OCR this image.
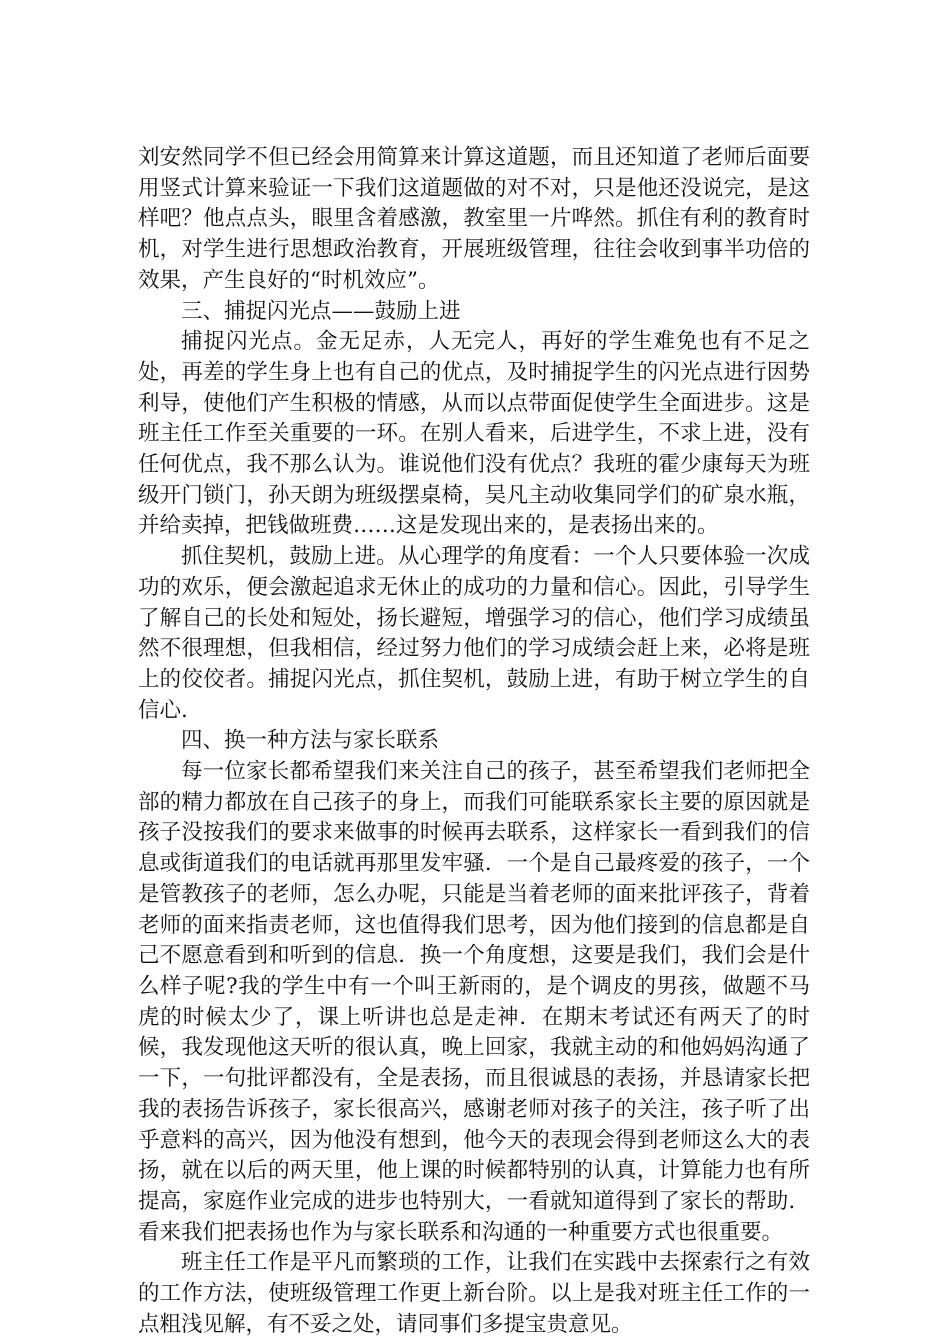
刘安然同学不但已经会用简算来计算这道题，而且还知道了老师后面要用竖式计算来验证一下我们这道题做的对不对，只是他还没说完，是这样吧？他点点头，眼里含着感激，教室里一片哗然。抓住有利的教育时机，对学生进行思想政治教育，开展班级管理，往往会收到事半功倍的效果，产生良好的“时机效应”。

三、捕捉闪光点——鼓励上进

捕捉闪光点。金无足赤，人无完人，再好的学生难免也有不足之处，再差的学生身上也有自己的优点，及时捕捉学生的闪光点进行因势利导，使他们产生积极的情感，从而以点带面促使学生全面进步。这是班主任工作至关重要的一环。在别人看来，后进学生，不求上进，没有任何优点，我不那么认为。谁说他们没有优点？我班的霍少康每天为班级开门锁门，孙天朗为班级摆桌椅，吴凡主动收集同学们的矿泉水瓶，并给卖掉，把钱做班费……这是发现出来的，是表扬出来的。

抓住契机，鼓励上进。从心理学的角度看：一个人只要体验一次成功的欢乐，便会激起追求无休止的成功的力量和信心。因此，引导学生了解自己的长处和短处，扬长避短，增强学习的信心，他们学习成绩虽然不很理想，但我相信，经过努力他们的学习成绩会赶上来，必将是班上的佼佼者。捕捉闪光点，抓住契机，鼓励上进，有助于树立学生的自信心.

四、换一种方法与家长联系

每一位家长都希望我们来关注自己的孩子，甚至希望我们老师把全部的精力都放在自己孩子的身上，而我们可能联系家长主要的原因就是孩子没按我们的要求来做事的时候再去联系，这样家长一看到我们的信息或街道我们的电话就再那里发牢骚．一个是自己最疼爱的孩子，一个是管教孩子的老师，怎么办呢，只能是当着老师的面来批评孩子，背着老师的面来指责老师，这也值得我们思考，因为他们接到的信息都是自己不愿意看到和听到的信息．换一个角度想，这要是我们，我们会是什么样子呢?我的学生中有一个叫王新雨的，是个调皮的男孩，做题不马虎的时候太少了，课上听讲也总是走神．在期末考试还有两天了的时候，我发现他这天听的很认真，晚上回家，我就主动的和他妈妈沟通了一下，一句批评都没有，全是表扬，而且很诚恳的表扬，并恳请家长把我的表扬告诉孩子，家长很高兴，感谢老师对孩子的关注，孩子听了出乎意料的高兴，因为他没有想到，他今天的表现会得到老师这么大的表扬，就在以后的两天里，他上课的时候都特别的认真，计算能力也有所提高，家庭作业完成的进步也特别大，一看就知道得到了家长的帮助．看来我们把表扬也作为与家长联系和沟通的一种重要方式也很重要。

班主任工作是平凡而繁琐的工作，让我们在实践中去探索行之有效的工作方法，使班级管理工作更上新台阶。以上是我对班主任工作的一点粗浅见解，有不妥之处，请同事们多提宝贵意见。
